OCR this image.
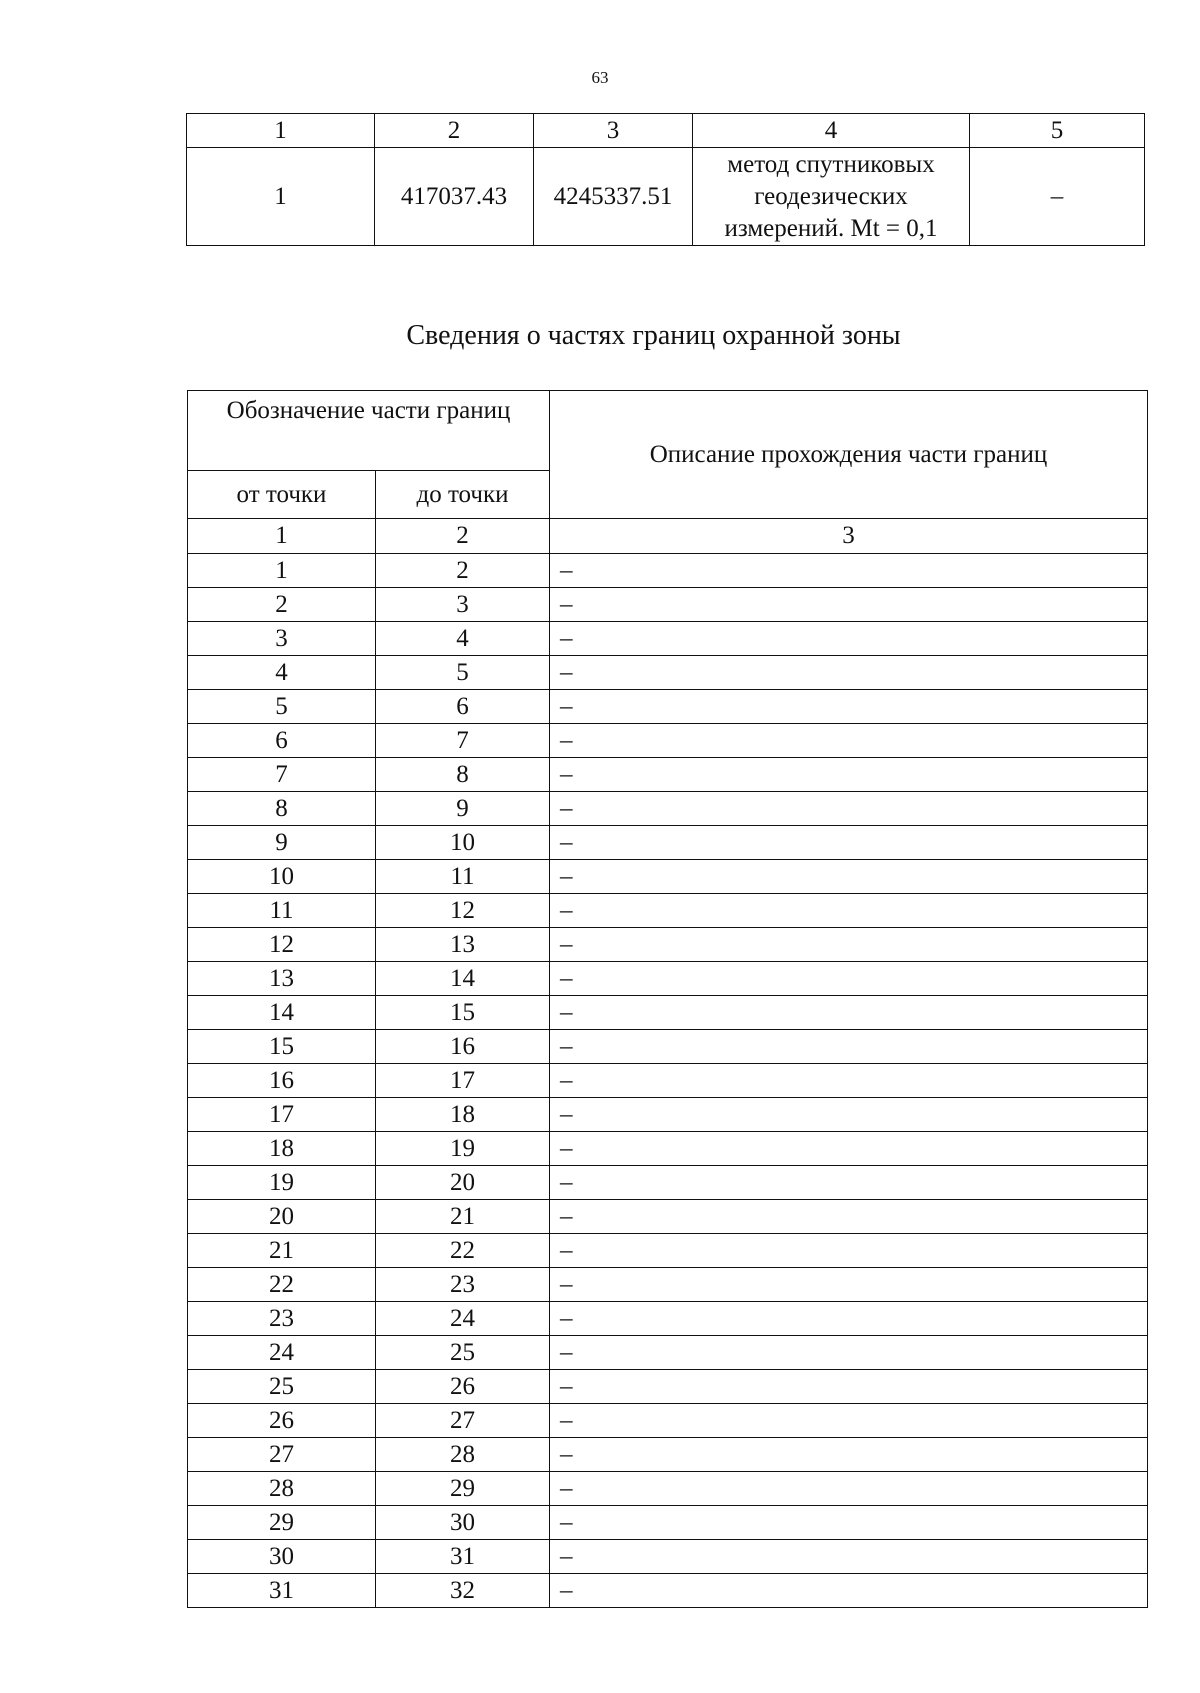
63
1	2	3	4	5
1	417037.43	4245337.51	метод спутниковых
геодезических
измерений. Mt = 0,1	–
Сведения о частях границ охранной зоны
Обозначение части границ		Описание прохождения части границ
от точки	до точки	
1	2	3
1	2	–
2	3	–
3	4	–
4	5	–
5	6	–
6	7	–
7	8	–
8	9	–
9	10	–
10	11	–
11	12	–
12	13	–
13	14	–
14	15	–
15	16	–
16	17	–
17	18	–
18	19	–
19	20	–
20	21	–
21	22	–
22	23	–
23	24	–
24	25	–
25	26	–
26	27	–
27	28	–
28	29	–
29	30	–
30	31	–
31	32	–
